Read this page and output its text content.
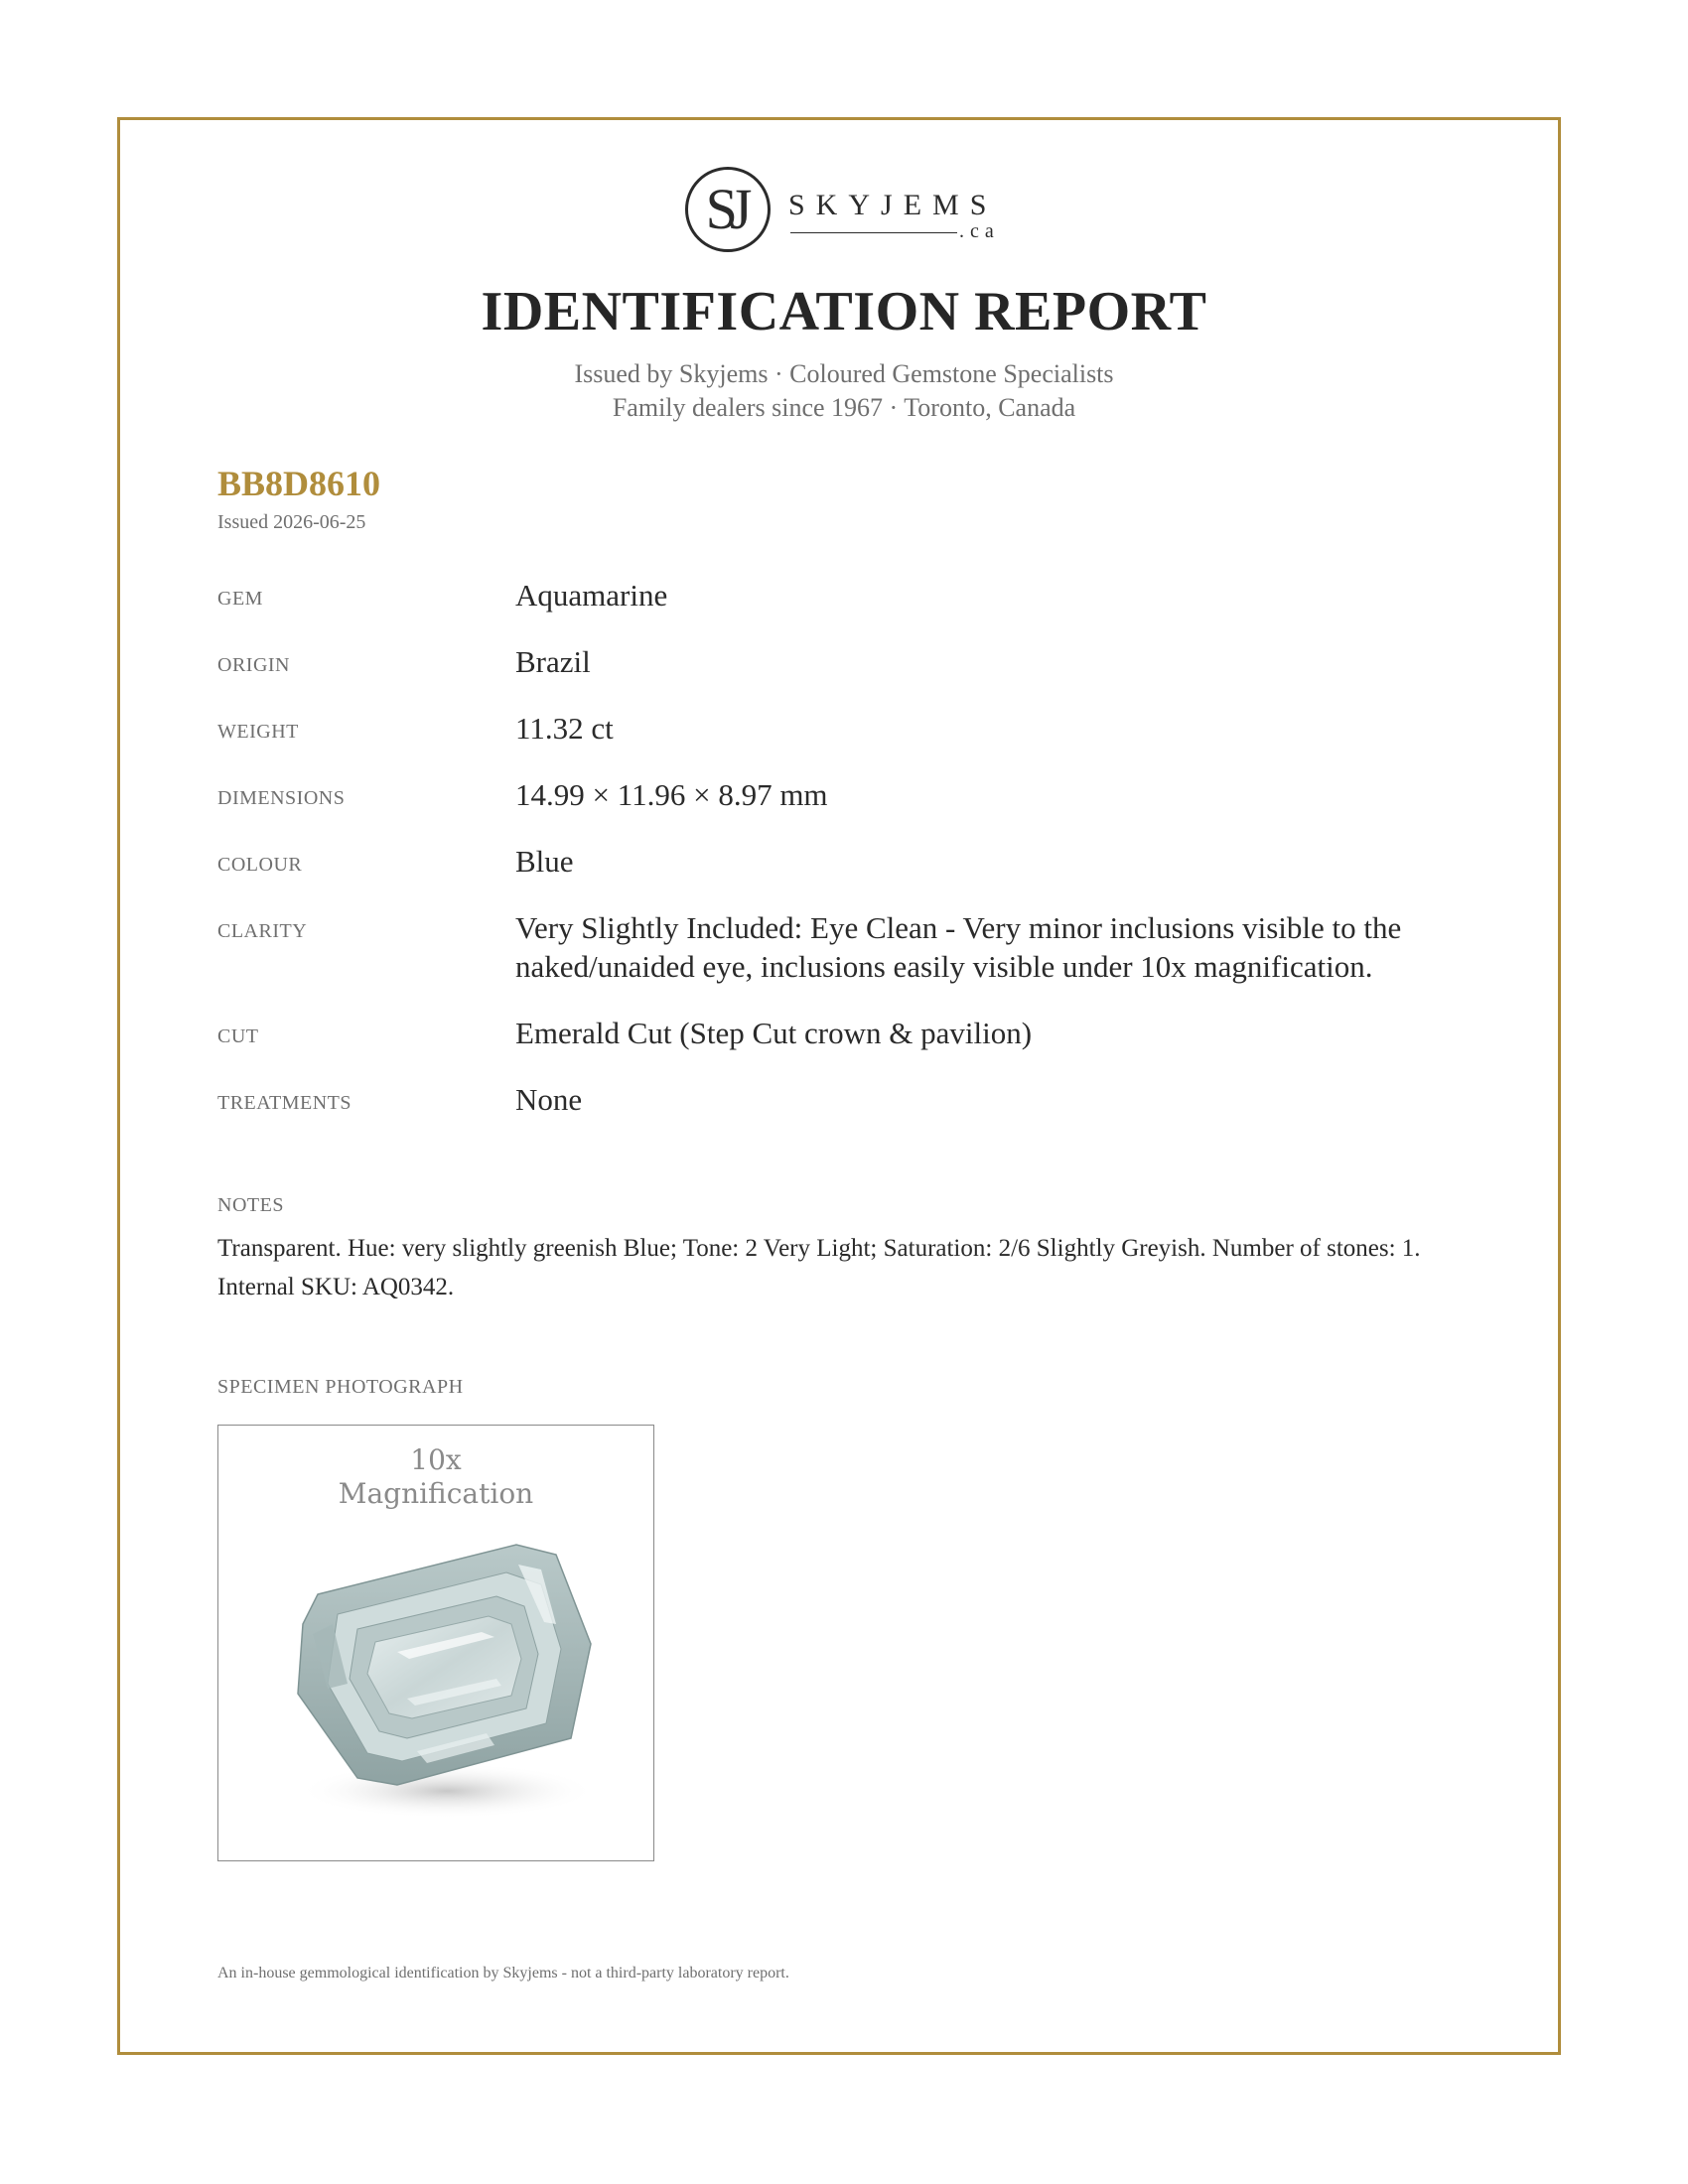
SJ	SKYJEMS
.ca
IDENTIFICATION REPORT
Issued by Skyjems · Coloured Gemstone Specialists
Family dealers since 1967 · Toronto, Canada
BB8D8610
Issued 2026-06-25
GEM	Aquamarine
ORIGIN	Brazil
WEIGHT	11.32 ct
DIMENSIONS	14.99 × 11.96 × 8.97 mm
COLOUR	Blue
CLARITY	Very Slightly Included: Eye Clean - Very minor inclusions visible to the naked/unaided eye, inclusions easily visible under 10x magnification.
CUT	Emerald Cut (Step Cut crown & pavilion)
TREATMENTS	None
NOTES
Transparent. Hue: very slightly greenish Blue; Tone: 2 Very Light; Saturation: 2/6 Slightly Greyish. Number of stones: 1. Internal SKU: AQ0342.
SPECIMEN PHOTOGRAPH
10x
Magnification
An in-house gemmological identification by Skyjems - not a third-party laboratory report.
